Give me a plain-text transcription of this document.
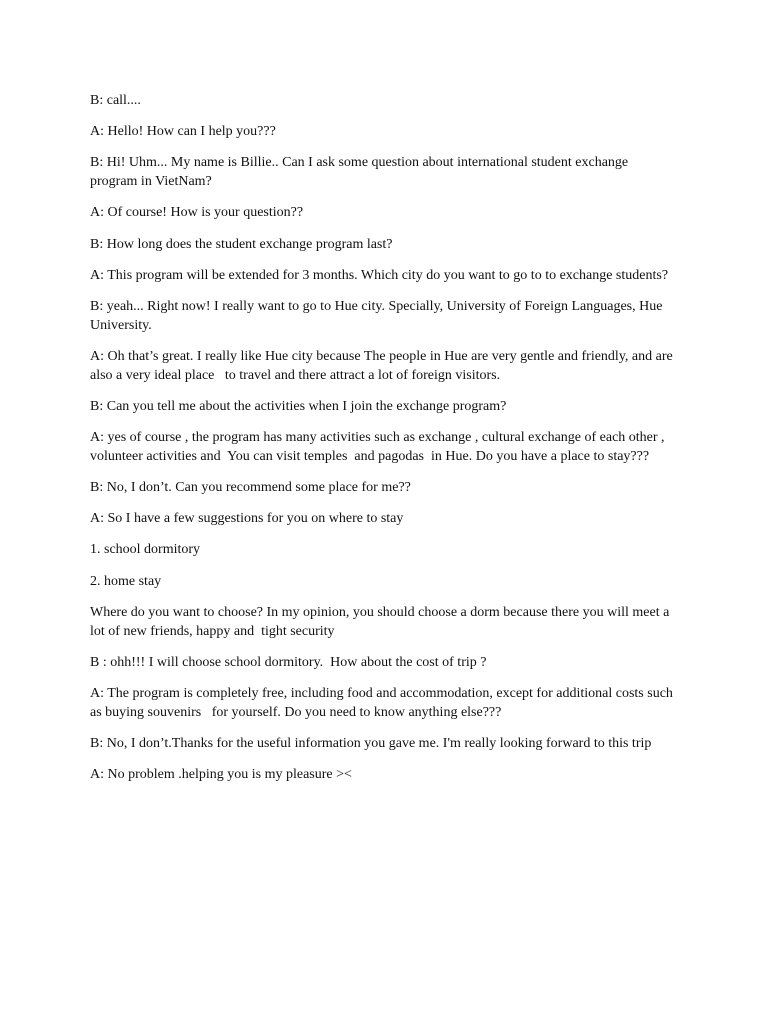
B: call....

A: Hello! How can I help you???

B: Hi! Uhm... My name is Billie.. Can I ask some question about international student exchange program in VietNam?

A: Of course! How is your question??

B: How long does the student exchange program last?

A: This program will be extended for 3 months. Which city do you want to go to to exchange students?

B: yeah... Right now! I really want to go to Hue city. Specially, University of Foreign Languages, Hue University.

A: Oh that’s great. I really like Hue city because The people in Hue are very gentle and friendly, and are also a very ideal place   to travel and there attract a lot of foreign visitors.

B: Can you tell me about the activities when I join the exchange program?

A: yes of course , the program has many activities such as exchange , cultural exchange of each other , volunteer activities and  You can visit temples  and pagodas  in Hue. Do you have a place to stay???

B: No, I don’t. Can you recommend some place for me??

A: So I have a few suggestions for you on where to stay

1. school dormitory

2. home stay

Where do you want to choose? In my opinion, you should choose a dorm because there you will meet a lot of new friends, happy and  tight security

B : ohh!!! I will choose school dormitory.  How about the cost of trip ?

A: The program is completely free, including food and accommodation, except for additional costs such as buying souvenirs   for yourself. Do you need to know anything else???

B: No, I don’t.Thanks for the useful information you gave me. I'm really looking forward to this trip

A: No problem .helping you is my pleasure ><
